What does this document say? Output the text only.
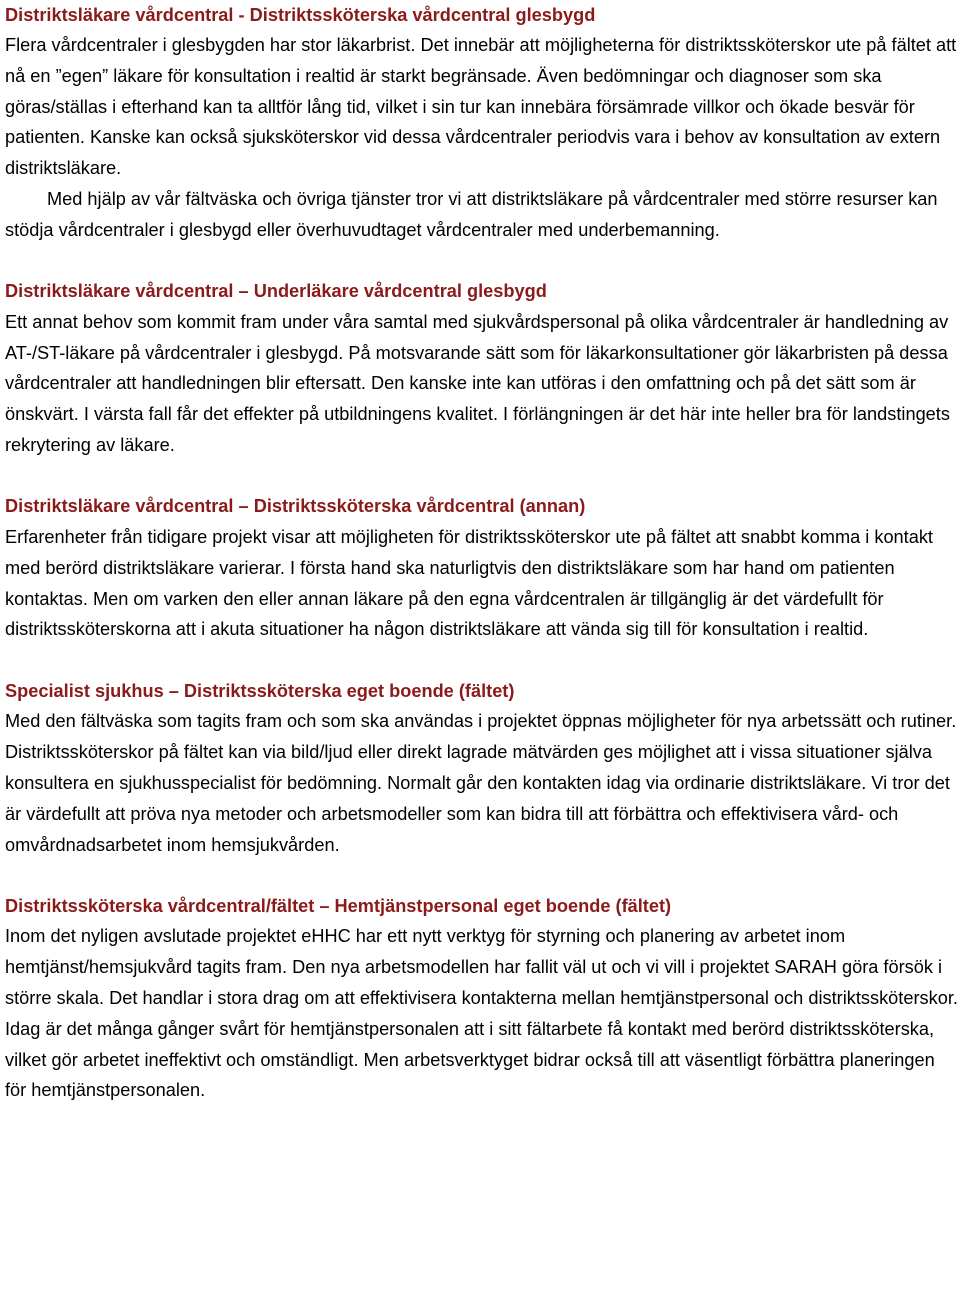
Distriktsläkare vårdcentral - Distriktssköterska vårdcentral glesbygd

Flera vårdcentraler i glesbygden har stor läkarbrist. Det innebär att möjligheterna för distriktssköterskor ute på fältet att nå en ”egen” läkare för konsultation i realtid är starkt begränsade. Även bedömningar och diagnoser som ska göras/ställas i efterhand kan ta alltför lång tid, vilket i sin tur kan innebära försämrade villkor och ökade besvär för patienten. Kanske kan också sjuksköterskor vid dessa vårdcentraler periodvis vara i behov av konsultation av extern distriktsläkare.

Med hjälp av vår fältväska och övriga tjänster tror vi att distriktsläkare på vårdcentraler med större resurser kan stödja vårdcentraler i glesbygd eller överhuvudtaget vårdcentraler med underbemanning.

Distriktsläkare vårdcentral – Underläkare vårdcentral glesbygd

Ett annat behov som kommit fram under våra samtal med sjukvårdspersonal på olika vårdcentraler är handledning av AT-/ST-läkare på vårdcentraler i glesbygd. På motsvarande sätt som för läkarkonsultationer gör läkarbristen på dessa vårdcentraler att handledningen blir eftersatt. Den kanske inte kan utföras i den omfattning och på det sätt som är önskvärt. I värsta fall får det effekter på utbildningens kvalitet. I förlängningen är det här inte heller bra för landstingets rekrytering av läkare.

Distriktsläkare vårdcentral – Distriktssköterska vårdcentral (annan)

Erfarenheter från tidigare projekt visar att möjligheten för distriktssköterskor ute på fältet att snabbt komma i kontakt med berörd distriktsläkare varierar. I första hand ska naturligtvis den distriktsläkare som har hand om patienten kontaktas. Men om varken den eller annan läkare på den egna vårdcentralen är tillgänglig är det värdefullt för distriktssköterskorna att i akuta situationer ha någon distriktsläkare att vända sig till för konsultation i realtid.

Specialist sjukhus – Distriktssköterska eget boende (fältet)

Med den fältväska som tagits fram och som ska användas i projektet öppnas möjligheter för nya arbetssätt och rutiner. Distriktssköterskor på fältet kan via bild/ljud eller direkt lagrade mätvärden ges möjlighet att i vissa situationer själva konsultera en sjukhusspecialist för bedömning. Normalt går den kontakten idag via ordinarie distriktsläkare. Vi tror det är värdefullt att pröva nya metoder och arbetsmodeller som kan bidra till att förbättra och effektivisera vård- och omvårdnadsarbetet inom hemsjukvården.

Distriktssköterska vårdcentral/fältet – Hemtjänstpersonal eget boende (fältet)

Inom det nyligen avslutade projektet eHHC har ett nytt verktyg för styrning och planering av arbetet inom hemtjänst/hemsjukvård tagits fram. Den nya arbetsmodellen har fallit väl ut och vi vill i projektet SARAH göra försök i större skala. Det handlar i stora drag om att effektivisera kontakterna mellan hemtjänstpersonal och distriktssköterskor. Idag är det många gånger svårt för hemtjänstpersonalen att i sitt fältarbete få kontakt med berörd distriktssköterska, vilket gör arbetet ineffektivt och omständligt. Men arbetsverktyget bidrar också till att väsentligt förbättra planeringen för hemtjänstpersonalen.
